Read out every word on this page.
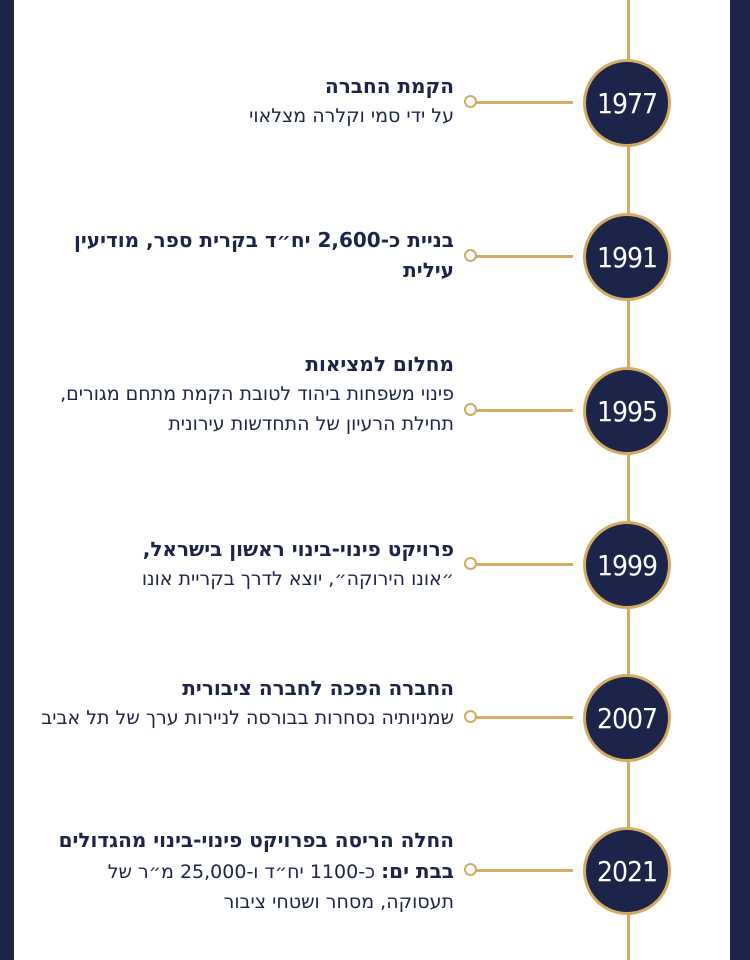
1977

הקמת החברה

על ידי סמי וקלרה מצלאוי

1991

בניית כ-2,600 יח״ד בקרית ספר, מודיעין עילית

1995

מחלום למציאות

פינוי משפחות ביהוד לטובת הקמת מתחם מגורים, תחילת הרעיון של התחדשות עירונית

1999

פרויקט פינוי-בינוי ראשון בישראל,

״אונו הירוקה״, יוצא לדרך בקריית אונו

2007

החברה הפכה לחברה ציבורית

שמניותיה נסחרות בבורסה לניירות ערך של תל אביב

2021

החלה הריסה בפרויקט פינוי-בינוי מהגדולים בבת ים: כ-1100 יח״ד ו-25,000 מ״ר של תעסוקה, מסחר ושטחי ציבור
